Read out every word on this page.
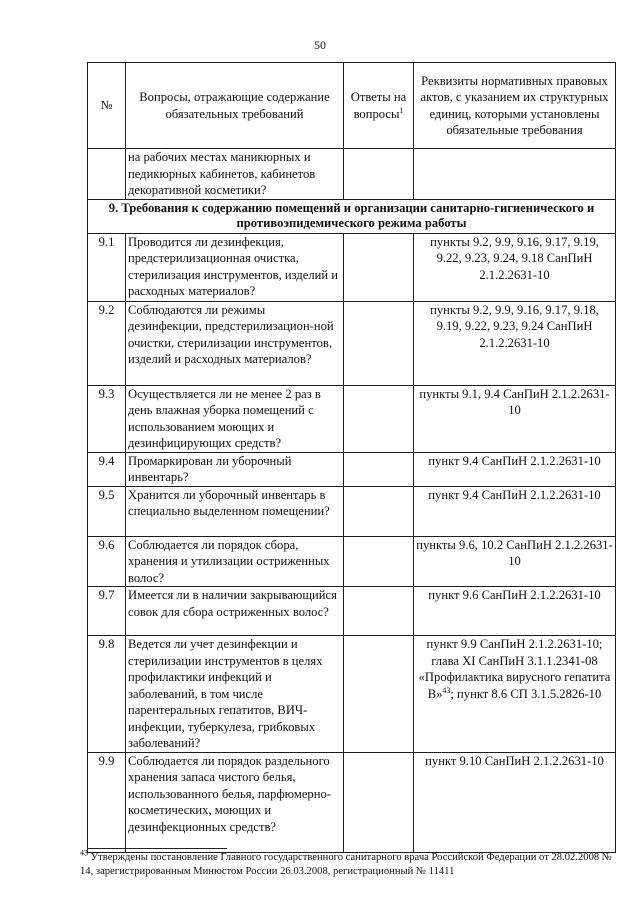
50
№	Вопросы, отражающие содержание обязательных требований	Ответы на вопросы$^1$	Реквизиты нормативных правовых актов, с указанием их структурных единиц, которыми установлены обязательные требования
	на рабочих местах маникюрных и педикюрных кабинетов, кабинетов декоративной косметики?		
9. Требования к содержанию помещений и организации санитарно-гигиенического и противоэпидемического режима работы			
9.1	Проводится ли дезинфекция, предстерилизационная очистка, стерилизация инструментов, изделий и расходных материалов?		пункты 9.2, 9.9, 9.16, 9.17, 9.19, 9.22, 9.23, 9.24, 9.18 СанПиН 2.1.2.2631-10
9.2	Соблюдаются ли режимы дезинфекции, предстерилизацион-ной очистки, стерилизации инструментов, изделий и расходных материалов?		пункты 9.2, 9.9, 9.16, 9.17, 9.18, 9.19, 9.22, 9.23, 9.24 СанПиН 2.1.2.2631-10
9.3	Осуществляется ли не менее 2 раз в день влажная уборка помещений с использованием моющих и дезинфицирующих средств?		пункты 9.1, 9.4 СанПиН 2.1.2.2631-10
9.4	Промаркирован ли уборочный инвентарь?		пункт 9.4 СанПиН 2.1.2.2631-10
9.5	Хранится ли уборочный инвентарь в специально выделенном помещении?		пункт 9.4 СанПиН 2.1.2.2631-10
9.6	Соблюдается ли порядок сбора, хранения и утилизации остриженных волос?		пункты 9.6, 10.2 СанПиН 2.1.2.2631-10
9.7	Имеется ли в наличии закрывающийся совок для сбора остриженных волос?		пункт 9.6 СанПиН 2.1.2.2631-10
9.8	Ведется ли учет дезинфекции и стерилизации инструментов в целях профилактики инфекций и заболеваний, в том числе парентеральных гепатитов, ВИЧ-инфекции, туберкулеза, грибковых заболеваний?		пункт 9.9 СанПиН 2.1.2.2631-10; глава XI СанПиН 3.1.1.2341-08 «Профилактика вирусного гепатита В»$^{43}$; пункт 8.6 СП 3.1.5.2826-10
9.9	Соблюдается ли порядок раздельного хранения запаса чистого белья, использованного белья, парфюмерно-косметических, моющих и дезинфекционных средств?		пункт 9.10 СанПиН 2.1.2.2631-10
$^{43}$ Утверждены постановление Главного государственного санитарного врача Российской Федерации от 28.02.2008 № 14, зарегистрированным Минюстом России 26.03.2008, регистрационный № 11411
